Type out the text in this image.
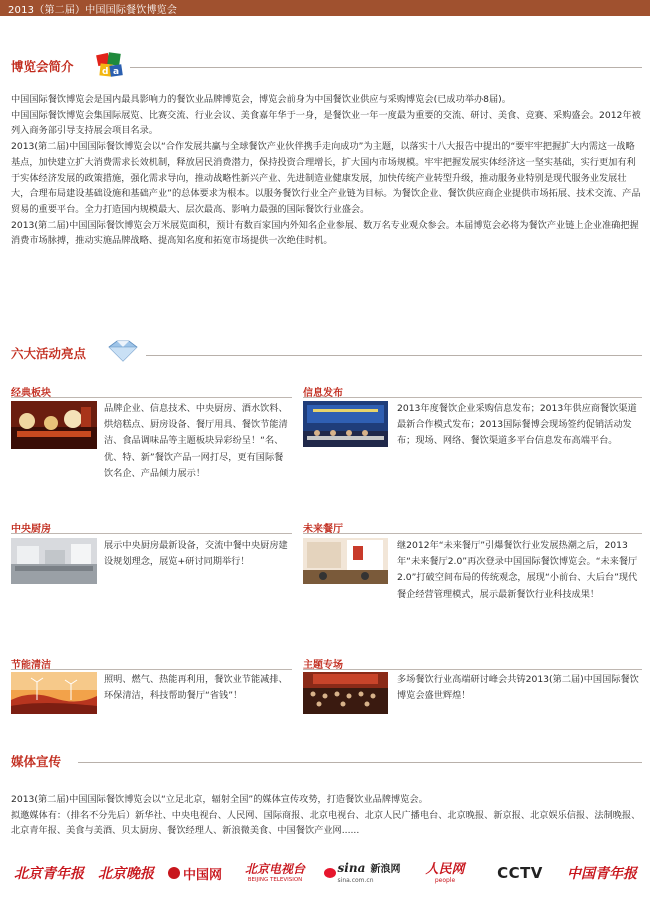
2013（第二届）中国国际餐饮博览会
博览会简介	d a

中国国际餐饮博览会是国内最具影响力的餐饮业品牌博览会，博览会前身为中国餐饮业供应与采购博览会(已成功举办8届)。

中国国际餐饮博览会集国际展览、比赛交流、行业会议、美食嘉年华于一身，是餐饮业一年一度最为重要的交流、研讨、美食、竞赛、采购盛会。2012年被列入商务部引导支持展会项目名录。

2013(第二届)中国国际餐饮博览会以“合作发展共赢与全球餐饮产业伙伴携手走向成功”为主题，以落实十八大报告中提出的“要牢牢把握扩大内需这一战略基点，加快建立扩大消费需求长效机制，释放居民消费潜力，保持投资合理增长，扩大国内市场规模。牢牢把握发展实体经济这一坚实基础，实行更加有利于实体经济发展的政策措施，强化需求导向，推动战略性新兴产业、先进制造业健康发展，加快传统产业转型升级，推动服务业特别是现代服务业发展壮大，合理布局建设基础设施和基础产业”的总体要求为根本。以服务餐饮行业全产业链为目标。为餐饮企业、餐饮供应商企业提供市场拓展、技术交流、产品贸易的重要平台。全力打造国内规模最大、层次最高、影响力最强的国际餐饮行业盛会。

2013(第二届)中国国际餐饮博览会万米展览面积，预计有数百家国内外知名企业参展、数万名专业观众参会。本届博览会必将为餐饮产业链上企业准确把握消费市场脉搏，推动实施品牌战略、提高知名度和拓宽市场提供一次绝佳时机。

六大活动亮点
经典板块
品牌企业、信息技术、中央厨房、酒水饮料、烘焙糕点、厨房设备、餐厅用具、餐饮节能清洁、食品调味品等主题板块异彩纷呈！“名、优、特、新”餐饮产品一网打尽，更有国际餐饮名企、产品倾力展示！
信息发布
2013年度餐饮企业采购信息发布；2013年供应商餐饮渠道最新合作模式发布；2013国际餐博会现场签约促销活动发布；现场、网络、餐饮渠道多平台信息发布高端平台。
中央厨房
展示中央厨房最新设备，交流中餐中央厨房建设规划理念，展览+研讨同期举行！
未来餐厅
继2012年“未来餐厅”引爆餐饮行业发展热潮之后，2013年“未来餐厅2.0”再次登录中国国际餐饮博览会。“未来餐厅2.0”打破空间布局的传统观念，展现“小前台、大后台”现代餐企经营管理模式，展示最新餐饮行业科技成果！
节能清洁
照明、燃气、热能再利用，餐饮业节能减排、环保清洁，科技帮助餐厅“省钱”！
主题专场
多场餐饮行业高端研讨峰会共铸2013(第二届)中国国际餐饮博览会盛世辉煌！
媒体宣传

2013(第二届)中国国际餐饮博览会以“立足北京，辐射全国”的媒体宣传攻势，打造餐饮业品牌博览会。

拟邀媒体有：（排名不分先后）新华社、中央电视台、人民网、国际商报、北京电视台、北京人民广播电台、北京晚报、新京报、北京娱乐信报、法制晚报、北京青年报、美食与美酒、贝太厨房、餐饮经理人、新浪微美食、中国餐饮产业网......

北京青年报 北京晚报 中国网 北京电视台
BEIJING TELEVISION
sina 新浪网
sina.com.cn
人民网
people	CCTV 中国青年报
